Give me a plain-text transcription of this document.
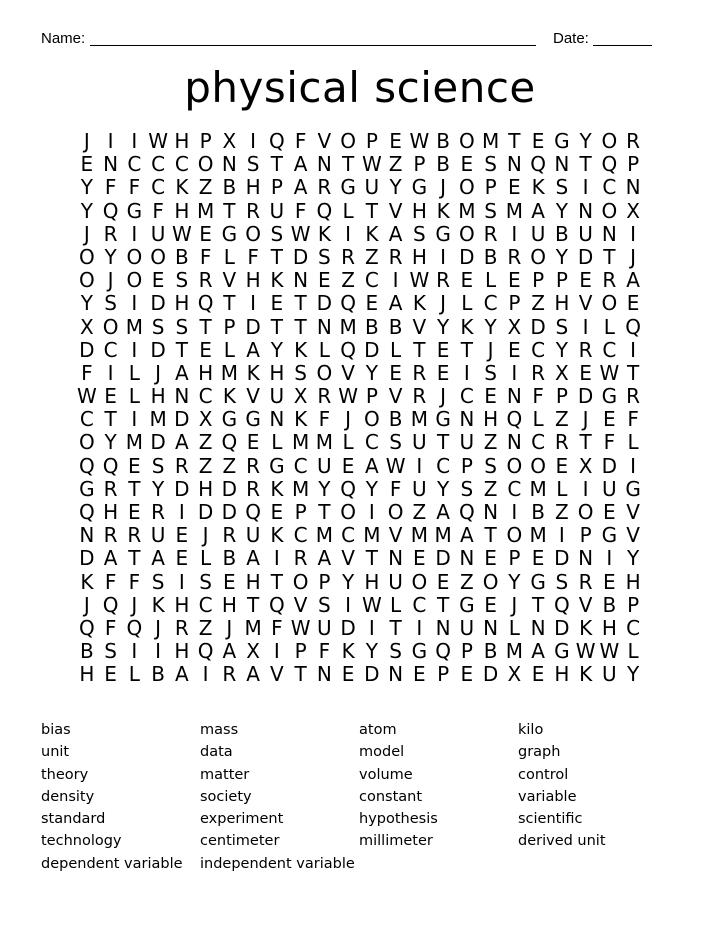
Name:	Date:
physical science
J I I W H P X I Q F V O P E W B O M T E G Y O R
E N C C C O N S T A N T W Z P B E S N Q N T Q P
Y F F C K Z B H P A R G U Y G J O P E K S I C N
Y Q G F H M T R U F Q L T V H K M S M A Y N O X
J R I U W E G O S W K I K A S G O R I U B U N I
O Y O O B F L F T D S R Z R H I D B R O Y D T J
O J O E S R V H K N E Z C I W R E L E P P E R A
Y S I D H Q T I E T D Q E A K J L C P Z H V O E
X O M S S T P D T T N M B B V Y K Y X D S I L Q
D C I D T E L A Y K L Q D L T E T J E C Y R C I
F I L J A H M K H S O V Y E R E I S I R X E W T
W E L H N C K V U X R W P V R J C E N F P D G R
C T I M D X G G N K F J O B M G N H Q L Z J E F
O Y M D A Z Q E L M M L C S U T U Z N C R T F L
Q Q E S R Z Z R G C U E A W I C P S O O E X D I
G R T Y D H D R K M Y Q Y F U Y S Z C M L I U G
Q H E R I D D Q E P T O I O Z A Q N I B Z O E V
N R R U E J R U K C M C M V M M A T O M I P G V
D A T A E L B A I R A V T N E D N E P E D N I Y
K F F S I S E H T O P Y H U O E Z O Y G S R E H
J Q J K H C H T Q V S I W L C T G E J T Q V B P
Q F Q J R Z J M F W U D I T I N U N L N D K H C
B S I I H Q A X I P F K Y S G Q P B M A G W W L
H E L B A I R A V T N E D N E P E D X E H K U Y
bias
unit
theory
density
standard
technology
dependent variable
mass
data
matter
society
experiment
centimeter
independent variable
atom
model
volume
constant
hypothesis
millimeter
kilo
graph
control
variable
scientific
derived unit
